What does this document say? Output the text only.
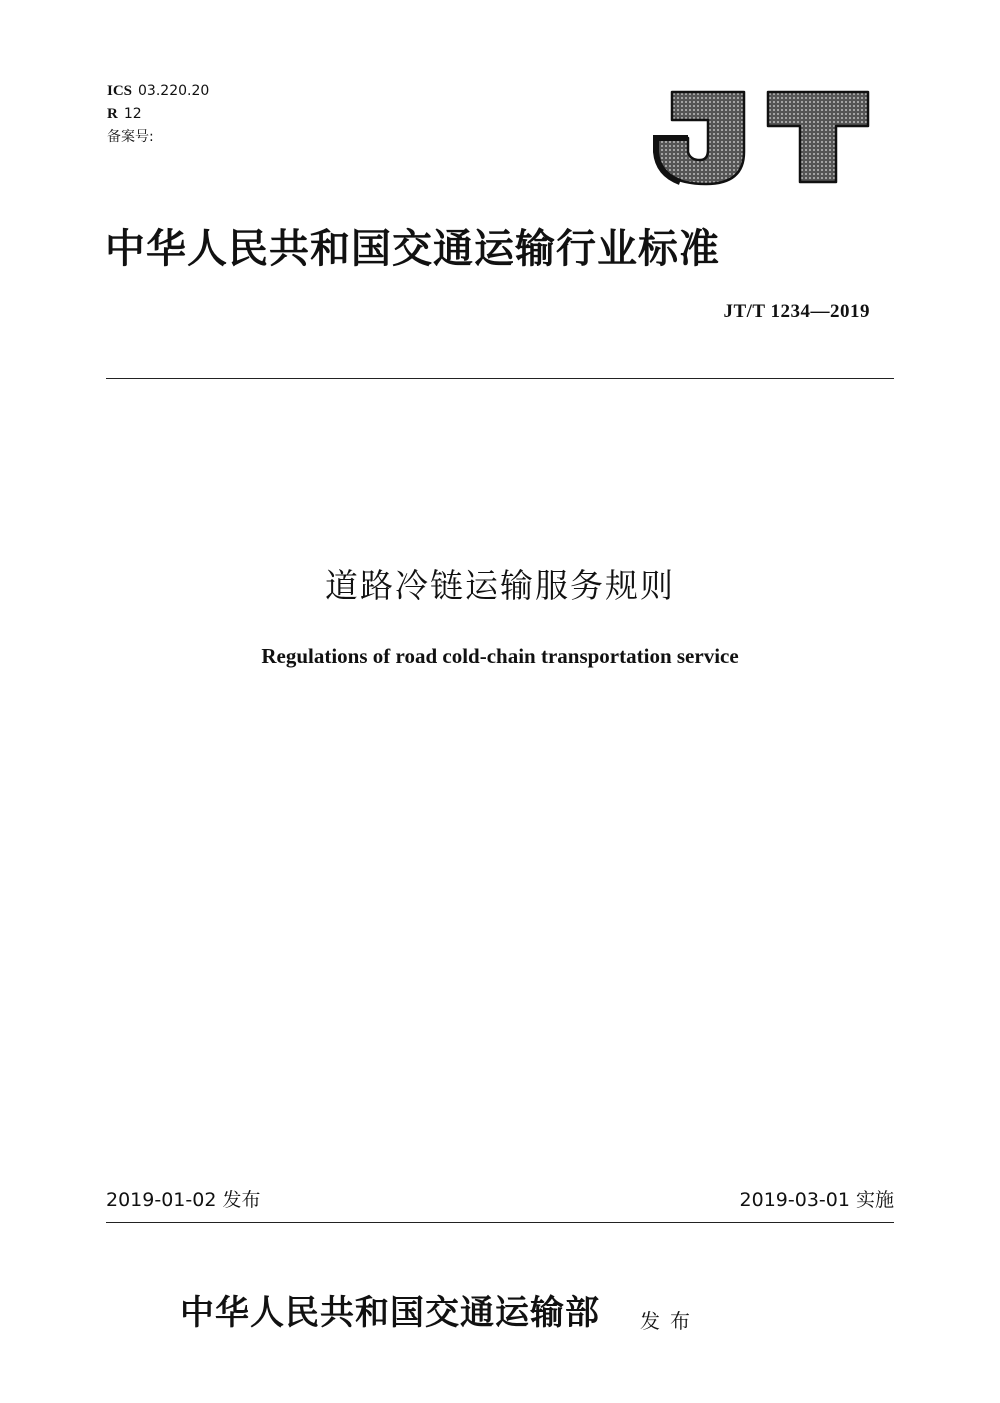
ICS 03.220.20
R 12
备案号:
JT
中华人民共和国交通运输行业标准
JT/T 1234—2019
道路冷链运输服务规则
Regulations of road cold-chain transportation service
2019-01-02 发布	2019-03-01 实施
中华人民共和国交通运输部 发布
